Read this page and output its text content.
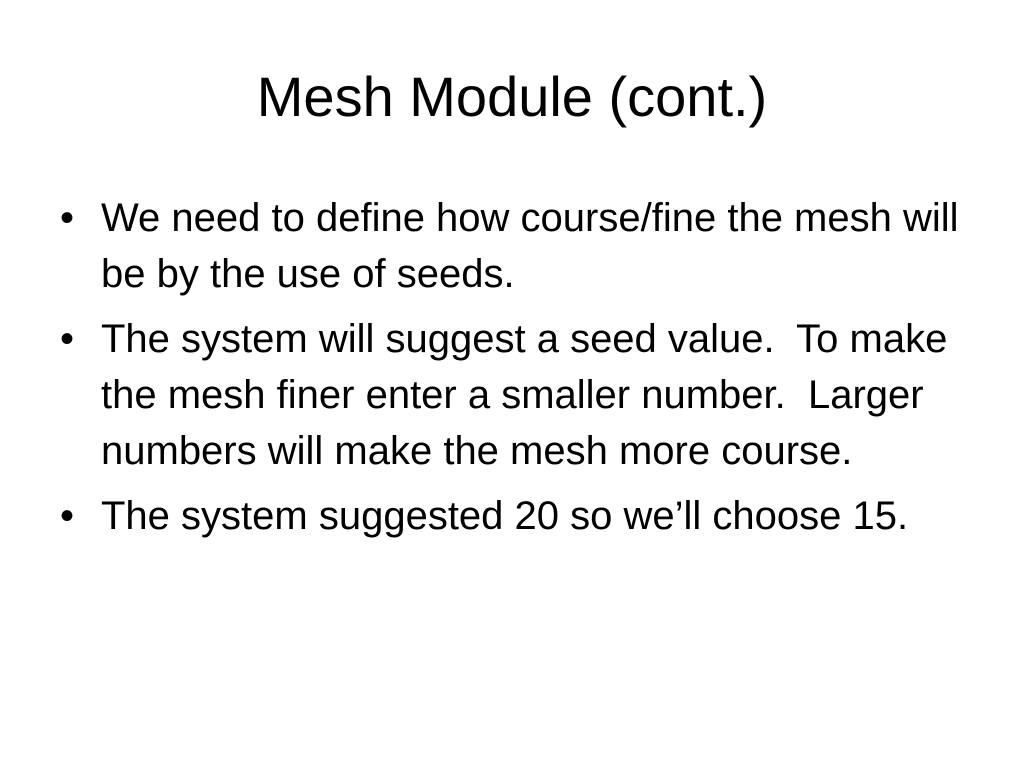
Mesh Module (cont.)
• We need to define how course/fine the mesh will be by the use of seeds.
• The system will suggest a seed value.  To make the mesh finer enter a smaller number.  Larger numbers will make the mesh more course.
• The system suggested 20 so we’ll choose 15.
